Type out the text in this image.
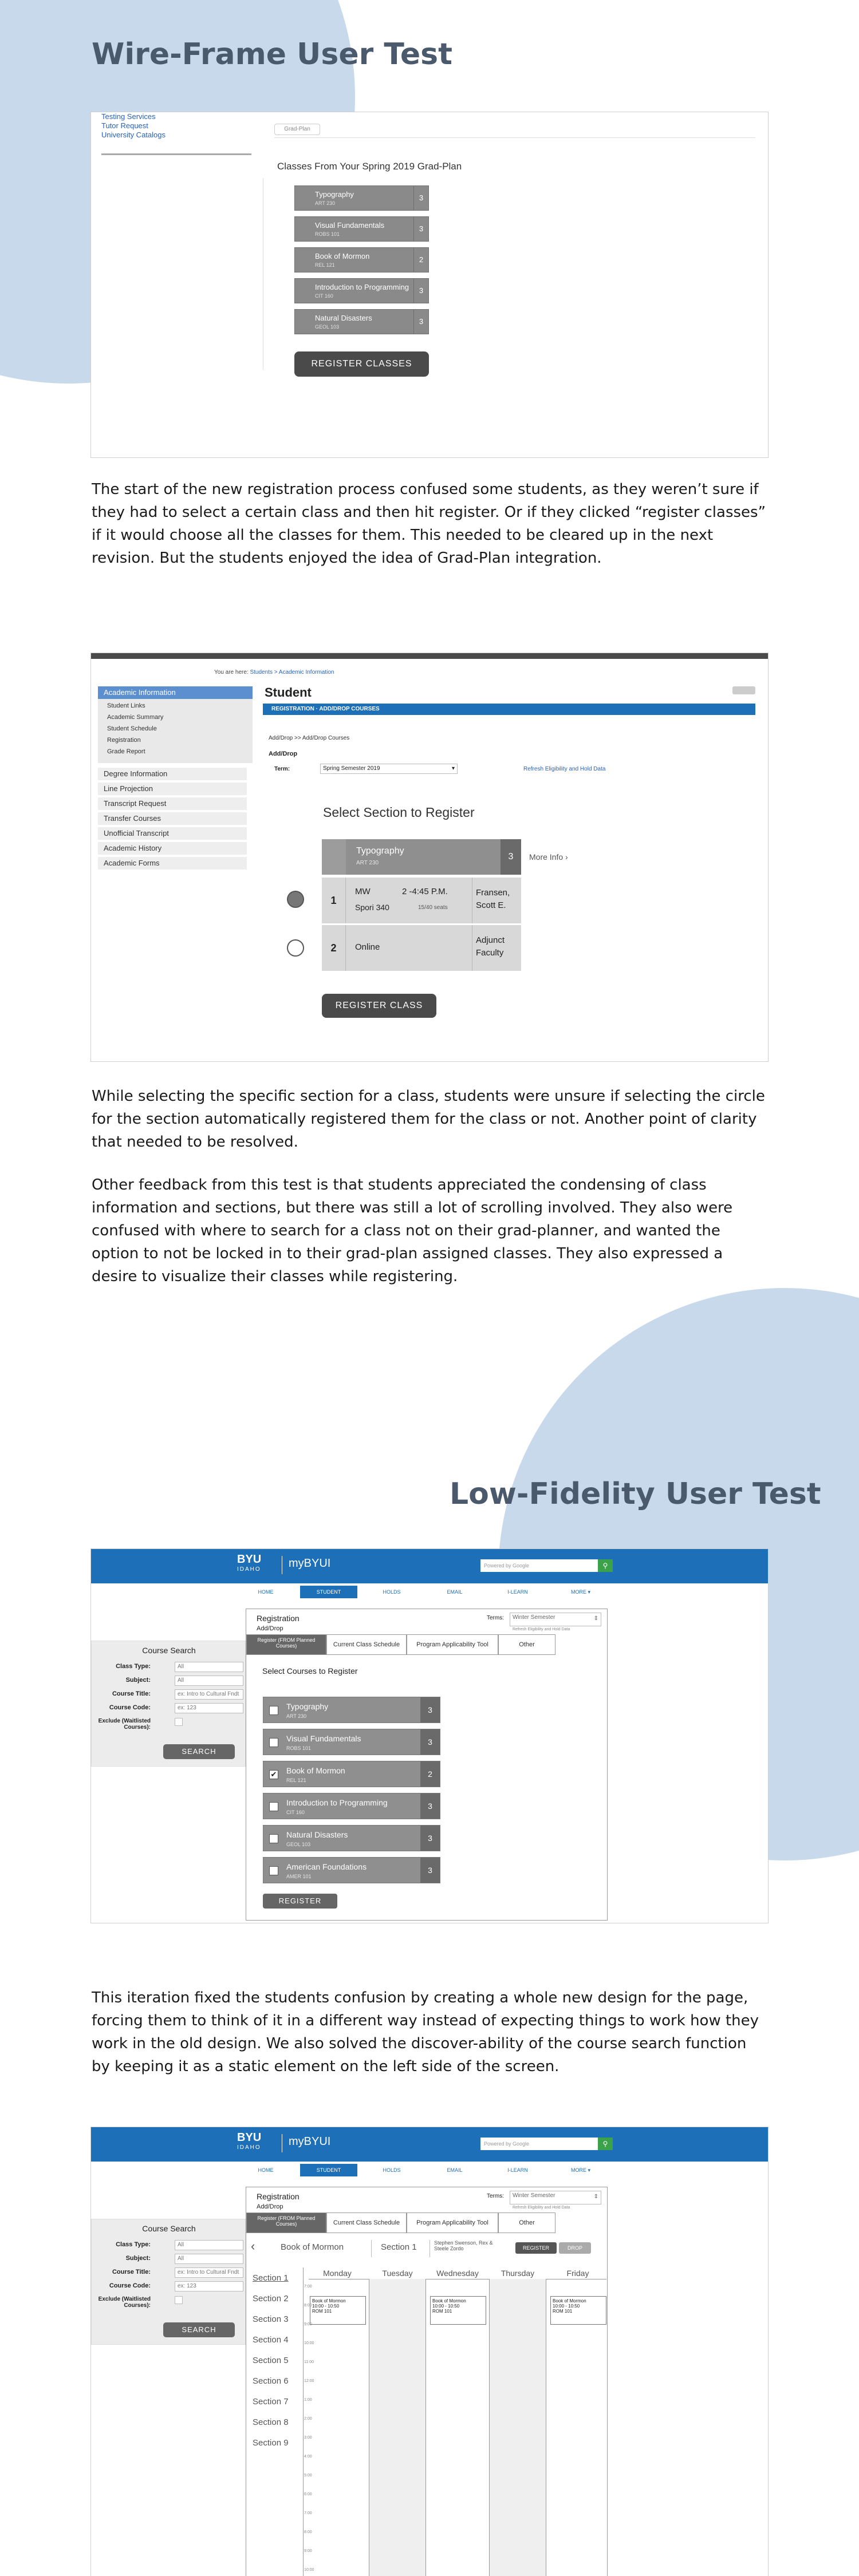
Wire-Frame User Test
Testing Services
Tutor Request
University Catalogs
Grad-Plan
Classes From Your Spring 2019 Grad-Plan
Typography
ART 230
3
Visual Fundamentals
ROBS 101
3
Book of Mormon
REL 121
2
Introduction to Programming
CIT 160
3
Natural Disasters
GEOL 103
3
REGISTER CLASSES
The start of the new registration process confused some students, as they weren’t sure if they had to select a certain class and then hit register. Or if they clicked “register classes” if it would choose all the classes for them. This needed to be cleared up in the next revision. But the students enjoyed the idea of Grad-Plan integration.
You are here: Students > Academic Information
Academic Information
Student Links
Academic Summary
Student Schedule
Registration
Grade Report
Degree Information
Line Projection
Transcript Request
Transfer Courses
Unofficial Transcript
Academic History
Academic Forms
Student
REGISTRATION · ADD/DROP COURSES
Add/Drop >> Add/Drop Courses
Add/Drop
Term:	Spring Semester 2019	▾	Refresh Eligibility and Hold Data
Select Section to Register
Typography
ART 230
3	More Info ›
1
MW	2 -4:45 P.M.
Spori 340	15/40 seats
Fransen, Scott E.
2	Online
Adjunct Faculty
REGISTER CLASS
While selecting the specific section for a class, students were unsure if selecting the circle for the section automatically registered them for the class or not. Another point of clarity that needed to be resolved.
Other feedback from this test is that students appreciated the condensing of class information and sections, but there was still a lot of scrolling involved. They also were confused with where to search for a class not on their grad-planner, and wanted the option to not be locked in to their grad-plan assigned classes. They also expressed a desire to visualize their classes while registering.
Low-Fidelity User Test
BYU
IDAHO myBYUI	Powered by Google	⚲
HOME	STUDENT	HOLDS	EMAIL	I-LEARN	MORE ▾
Course Search
Class Type:	All
Subject:	All
Course Title:	ex: Intro to Cultural Fndt
Course Code:	ex: 123
Exclude (Waitlisted Courses):
SEARCH
Registration
Add/Drop
Terms:	Winter Semester	⇕
Refresh Eligibility and Hold Data
Register (FROM Planned Courses)	Current Class Schedule	Program Applicability Tool	Other
Select Courses to Register
Typography
ART 230
3
Visual Fundamentals
ROBS 101
3
✔ Book of Mormon
REL 121
2
Introduction to Programming
CIT 160
3
Natural Disasters
GEOL 103
3
American Foundations
AMER 101
3
REGISTER
This iteration fixed the students confusion by creating a whole new design for the page, forcing them to think of it in a different way instead of expecting things to work how they work in the old design. We also solved the discover-ability of the course search function by keeping it as a static element on the left side of the screen.
BYU
IDAHO myBYUI	Powered by Google	⚲
HOME	STUDENT	HOLDS	EMAIL	I-LEARN	MORE ▾
Course Search
Class Type:	All
Subject:	All
Course Title:	ex: Intro to Cultural Fndt
Course Code:	ex: 123
Exclude (Waitlisted Courses):
SEARCH
Registration
Add/Drop
Terms:	Winter Semester	⇕
Refresh Eligibility and Hold Data
Register (FROM Planned Courses)	Current Class Schedule	Program Applicability Tool	Other
‹	Book of Mormon	Section 1	Stephen Swenson, Rex & Steele Zordo	REGISTER	DROP
Section 1
Section 2
Section 3
Section 4
Section 5
Section 6
Section 7
Section 8
Section 9
Monday	Tuesday	Wednesday	Thursday	Friday
Book of Mormon
10:00 - 10:50
ROM 101
Book of Mormon
10:00 - 10:50
ROM 101
Book of Mormon
10:00 - 10:50
ROM 101
7:00
8:00
9:00
10:00
11:00
12:00
1:00
2:00
3:00
4:00
5:00
6:00
7:00
8:00
9:00
10:00
